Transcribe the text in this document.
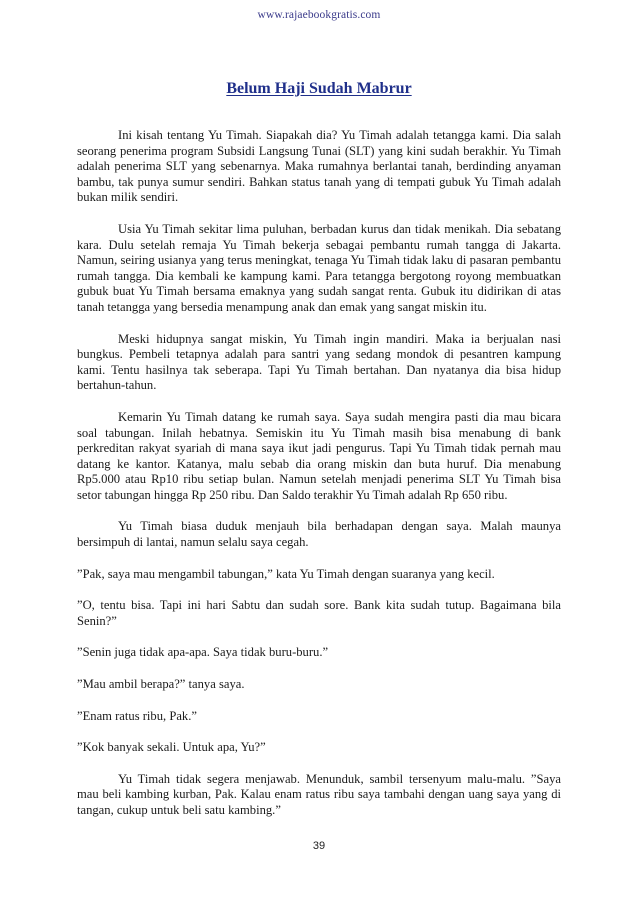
www.rajaebookgratis.com
Belum Haji Sudah Mabrur

Ini kisah tentang Yu Timah. Siapakah dia? Yu Timah adalah tetangga kami. Dia salah seorang penerima program Subsidi Langsung Tunai (SLT) yang kini sudah berakhir. Yu Timah adalah penerima SLT yang sebenarnya. Maka rumahnya berlantai tanah, berdinding anyaman bambu, tak punya sumur sendiri. Bahkan status tanah yang di tempati gubuk Yu Timah adalah bukan milik sendiri.

Usia Yu Timah sekitar lima puluhan, berbadan kurus dan tidak menikah. Dia sebatang kara. Dulu setelah remaja Yu Timah bekerja sebagai pembantu rumah tangga di Jakarta. Namun, seiring usianya yang terus meningkat, tenaga Yu Timah tidak laku di pasaran pembantu rumah tangga. Dia kembali ke kampung kami. Para tetangga bergotong royong membuatkan gubuk buat Yu Timah bersama emaknya yang sudah sangat renta. Gubuk itu didirikan di atas tanah tetangga yang bersedia menampung anak dan emak yang sangat miskin itu.

Meski hidupnya sangat miskin, Yu Timah ingin mandiri. Maka ia berjualan nasi bungkus. Pembeli tetapnya adalah para santri yang sedang mondok di pesantren kampung kami. Tentu hasilnya tak seberapa. Tapi Yu Timah bertahan. Dan nyatanya dia bisa hidup bertahun-tahun.

Kemarin Yu Timah datang ke rumah saya. Saya sudah mengira pasti dia mau bicara soal tabungan. Inilah hebatnya. Semiskin itu Yu Timah masih bisa menabung di bank perkreditan rakyat syariah di mana saya ikut jadi pengurus. Tapi Yu Timah tidak pernah mau datang ke kantor. Katanya, malu sebab dia orang miskin dan buta huruf. Dia menabung Rp5.000 atau Rp10 ribu setiap bulan. Namun setelah menjadi penerima SLT Yu Timah bisa setor tabungan hingga Rp 250 ribu. Dan Saldo terakhir Yu Timah adalah Rp 650 ribu.

Yu Timah biasa duduk menjauh bila berhadapan dengan saya. Malah maunya bersimpuh di lantai, namun selalu saya cegah.

”Pak, saya mau mengambil tabungan,” kata Yu Timah dengan suaranya yang kecil.

”O, tentu bisa. Tapi ini hari Sabtu dan sudah sore. Bank kita sudah tutup. Bagaimana bila Senin?”

”Senin juga tidak apa-apa. Saya tidak buru-buru.”

”Mau ambil berapa?” tanya saya.

”Enam ratus ribu, Pak.”

”Kok banyak sekali. Untuk apa, Yu?”

Yu Timah tidak segera menjawab. Menunduk, sambil tersenyum malu-malu. ”Saya mau beli kambing kurban, Pak. Kalau enam ratus ribu saya tambahi dengan uang saya yang di tangan, cukup untuk beli satu kambing.”

39
